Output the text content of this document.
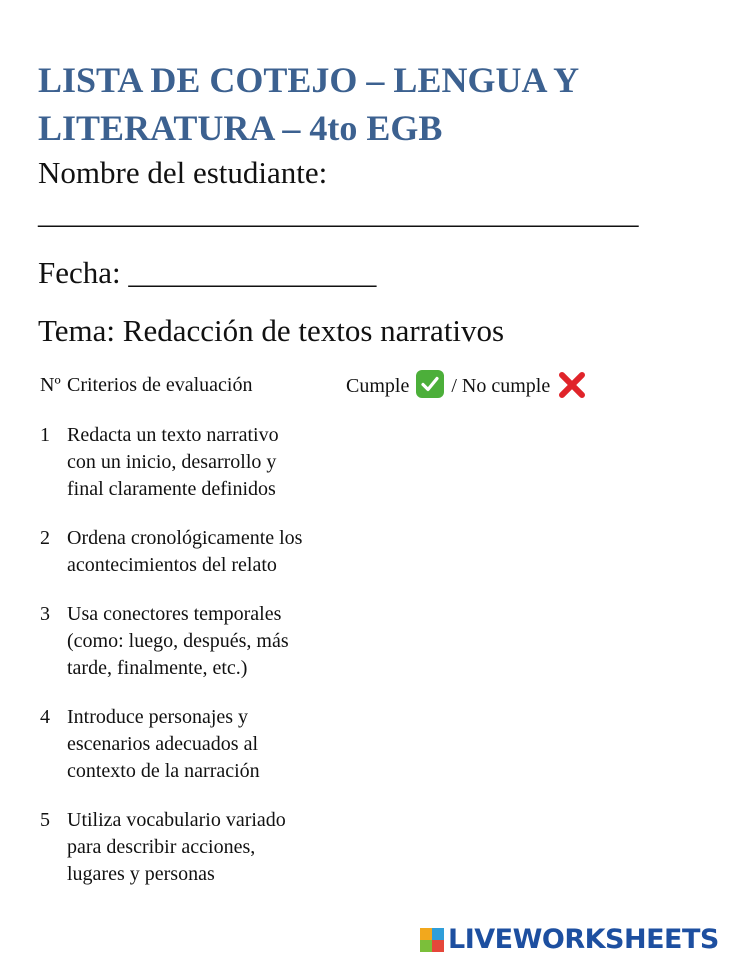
LISTA DE COTEJO – LENGUA Y
LITERATURA – 4to EGB

Nombre del estudiante:

________________________________________

Fecha: ________________

Tema: Redacción de textos narrativos

Nº Criterios de evaluación	Cumple / No cumple
1 Redacta un texto narrativo
con un inicio, desarrollo y
final claramente definidos
2 Ordena cronológicamente los
acontecimientos del relato
3 Usa conectores temporales
(como: luego, después, más
tarde, finalmente, etc.)
4 Introduce personajes y
escenarios adecuados al
contexto de la narración
5 Utiliza vocabulario variado
para describir acciones,
lugares y personas
LIVEWORKSHEETS
